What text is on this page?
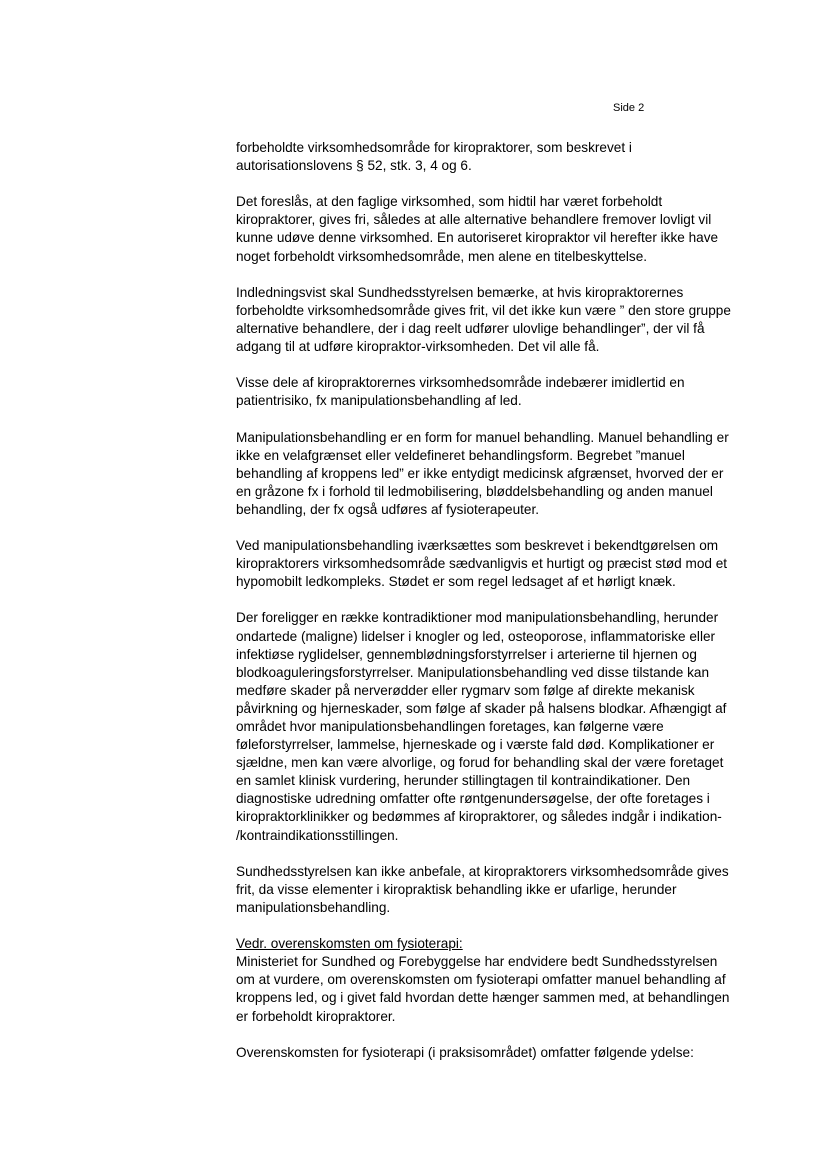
Side 2
forbeholdte virksomhedsområde for kiropraktorer, som beskrevet i
autorisationslovens § 52, stk. 3, 4 og 6.
Det foreslås, at den faglige virksomhed, som hidtil har været forbeholdt
kiropraktorer, gives fri, således at alle alternative behandlere fremover lovligt vil
kunne udøve denne virksomhed. En autoriseret kiropraktor vil herefter ikke have
noget forbeholdt virksomhedsområde, men alene en titelbeskyttelse.
Indledningsvist skal Sundhedsstyrelsen bemærke, at hvis kiropraktorernes
forbeholdte virksomhedsområde gives frit, vil det ikke kun være ” den store gruppe
alternative behandlere, der i dag reelt udfører ulovlige behandlinger”, der vil få
adgang til at udføre kiropraktor-virksomheden. Det vil alle få.
Visse dele af kiropraktorernes virksomhedsområde indebærer imidlertid en
patientrisiko, fx manipulationsbehandling af led.
Manipulationsbehandling er en form for manuel behandling. Manuel behandling er
ikke en velafgrænset eller veldefineret behandlingsform. Begrebet ”manuel
behandling af kroppens led” er ikke entydigt medicinsk afgrænset, hvorved der er
en gråzone fx i forhold til ledmobilisering, bløddelsbehandling og anden manuel
behandling, der fx også udføres af fysioterapeuter.
Ved manipulationsbehandling iværksættes som beskrevet i bekendtgørelsen om
kiropraktorers virksomhedsområde sædvanligvis et hurtigt og præcist stød mod et
hypomobilt ledkompleks. Stødet er som regel ledsaget af et hørligt knæk.
Der foreligger en række kontradiktioner mod manipulationsbehandling, herunder
ondartede (maligne) lidelser i knogler og led, osteoporose, inflammatoriske eller
infektiøse ryglidelser, gennemblødningsforstyrrelser i arterierne til hjernen og
blodkoaguleringsforstyrrelser. Manipulationsbehandling ved disse tilstande kan
medføre skader på nerverødder eller rygmarv som følge af direkte mekanisk
påvirkning og hjerneskader, som følge af skader på halsens blodkar. Afhængigt af
området hvor manipulationsbehandlingen foretages, kan følgerne være
føleforstyrrelser, lammelse, hjerneskade og i værste fald død. Komplikationer er
sjældne, men kan være alvorlige, og forud for behandling skal der være foretaget
en samlet klinisk vurdering, herunder stillingtagen til kontraindikationer. Den
diagnostiske udredning omfatter ofte røntgenundersøgelse, der ofte foretages i
kiropraktorklinikker og bedømmes af kiropraktorer, og således indgår i indikation-
/kontraindikationsstillingen.
Sundhedsstyrelsen kan ikke anbefale, at kiropraktorers virksomhedsområde gives
frit, da visse elementer i kiropraktisk behandling ikke er ufarlige, herunder
manipulationsbehandling.
Vedr. overenskomsten om fysioterapi:
Ministeriet for Sundhed og Forebyggelse har endvidere bedt Sundhedsstyrelsen
om at vurdere, om overenskomsten om fysioterapi omfatter manuel behandling af
kroppens led, og i givet fald hvordan dette hænger sammen med, at behandlingen
er forbeholdt kiropraktorer.
Overenskomsten for fysioterapi (i praksisområdet) omfatter følgende ydelse:
